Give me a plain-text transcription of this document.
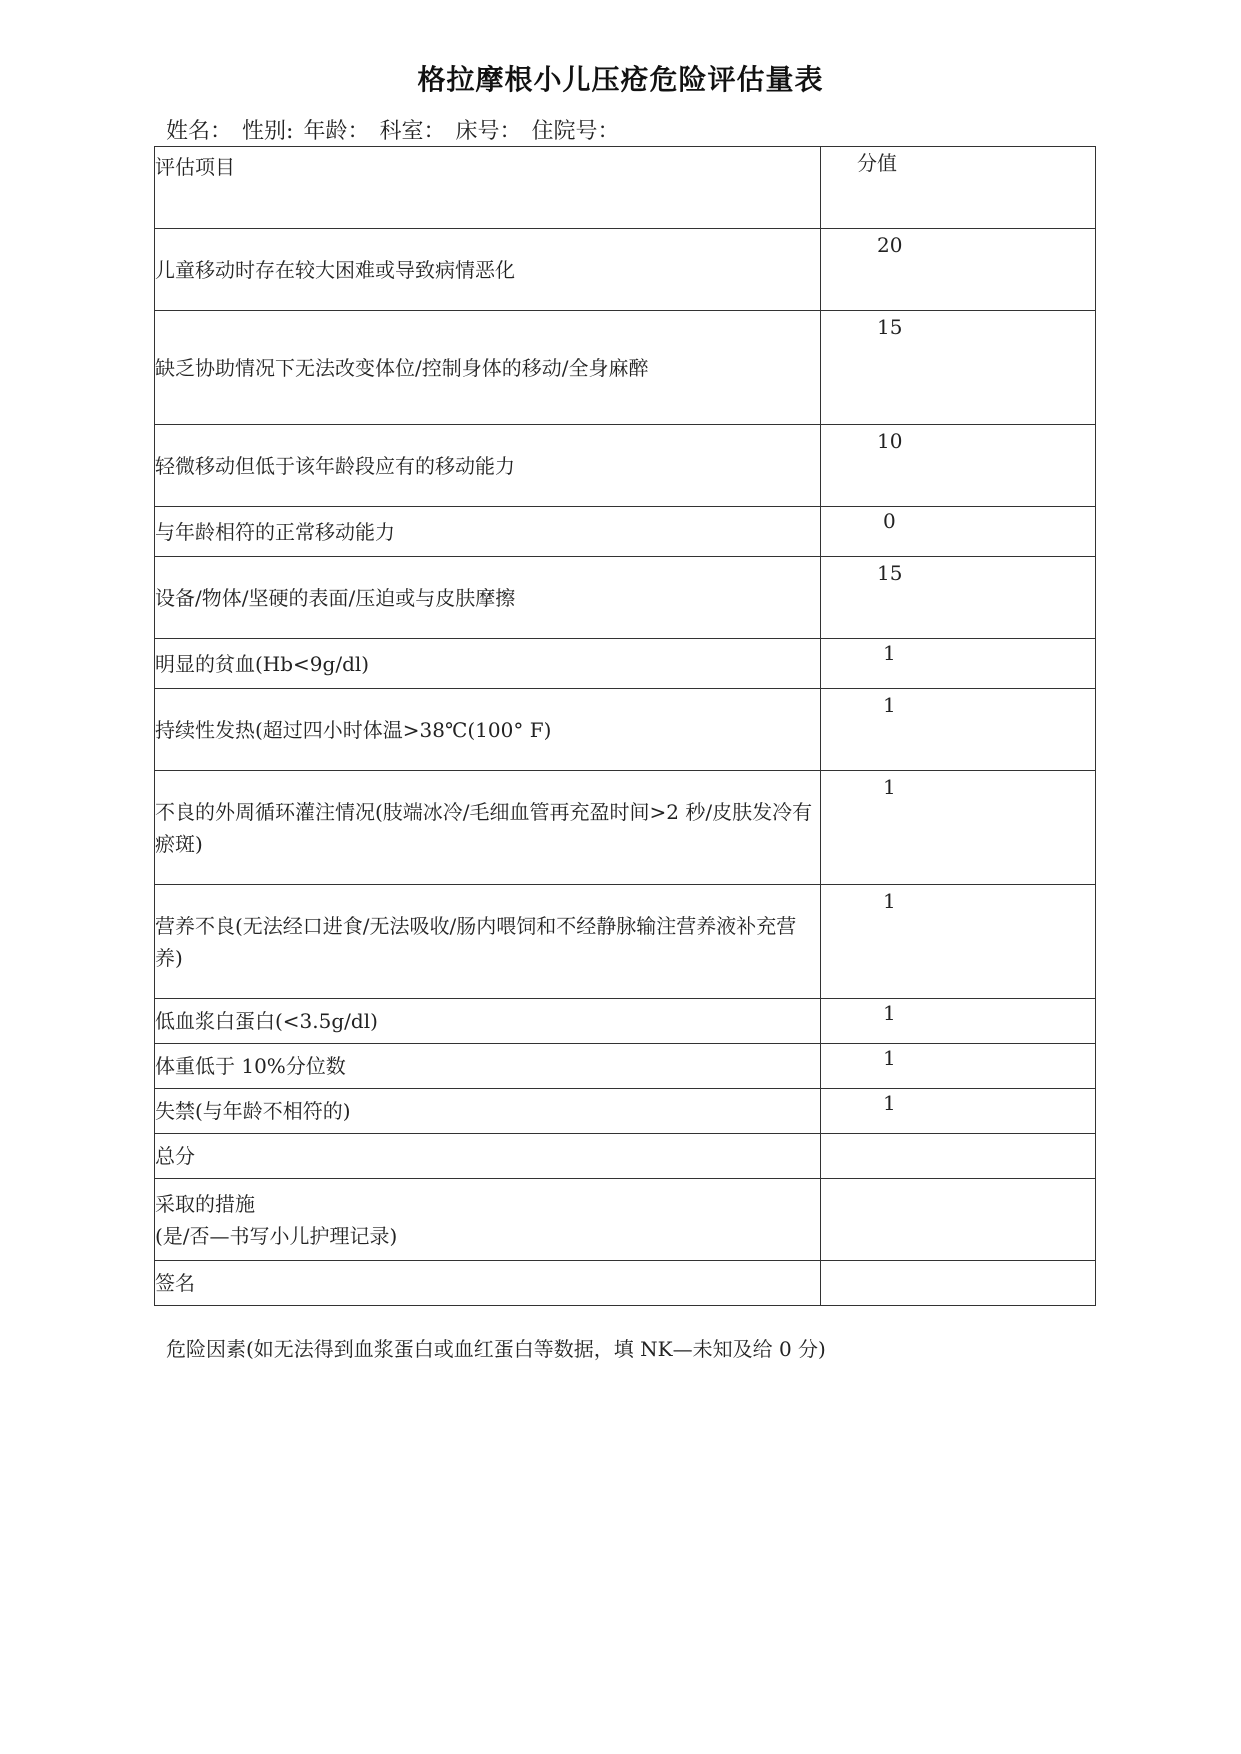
格拉摩根小儿压疮危险评估量表
姓名： 性别: 年龄： 科室： 床号： 住院号：
评估项目	分值

儿童移动时存在较大困难或导致病情恶化	20

缺乏协助情况下无法改变体位/控制身体的移动/全身麻醉	15

轻微移动但低于该年龄段应有的移动能力	10

与年龄相符的正常移动能力	0

设备/物体/坚硬的表面/压迫或与皮肤摩擦	15

明显的贫血(Hb<9g/dl)	1

持续性发热(超过四小时体温>38℃(100° F)	1

不良的外周循环灌注情况(肢端冰冷/毛细血管再充盈时间>2 秒/皮肤发冷有瘀斑)	1

营养不良(无法经口进食/无法吸收/肠内喂饲和不经静脉输注营养液补充营养)	1

低血浆白蛋白(<3.5g/dl)	1

体重低于 10%分位数	1

失禁(与年龄不相符的)	1

总分	

采取的措施
(是/否—书写小儿护理记录)	

签名	
危险因素(如无法得到血浆蛋白或血红蛋白等数据，填 NK—未知及给 0 分)
